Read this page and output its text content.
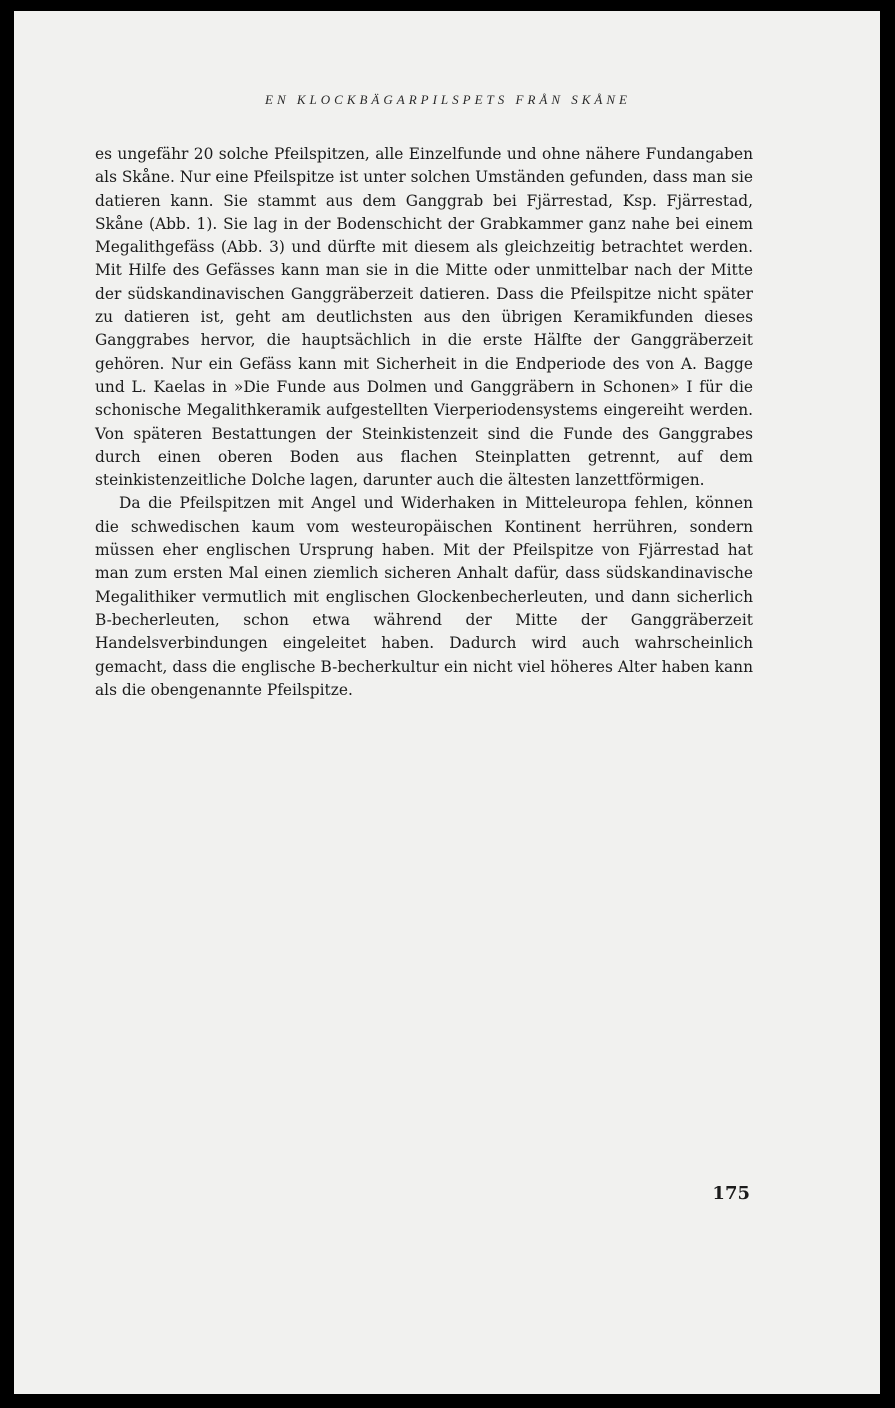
EN KLOCKBÄGARPILSPETS FRÅN SKÅNE

es ungefähr 20 solche Pfeilspitzen, alle Einzelfunde und ohne nähere Fundangaben als Skåne. Nur eine Pfeilspitze ist unter solchen Umständen gefunden, dass man sie datieren kann. Sie stammt aus dem Ganggrab bei Fjärrestad, Ksp. Fjärrestad, Skåne (Abb. 1). Sie lag in der Bodenschicht der Grabkammer ganz nahe bei einem Megalithgefäss (Abb. 3) und dürfte mit diesem als gleichzeitig betrachtet werden. Mit Hilfe des Gefässes kann man sie in die Mitte oder unmittelbar nach der Mitte der südskandinavischen Ganggräberzeit datieren. Dass die Pfeilspitze nicht später zu datieren ist, geht am deutlichsten aus den übrigen Keramikfunden dieses Ganggrabes hervor, die hauptsächlich in die erste Hälfte der Ganggräberzeit gehören. Nur ein Gefäss kann mit Sicherheit in die Endperiode des von A. Bagge und L. Kaelas in »Die Funde aus Dolmen und Ganggräbern in Schonen» I für die schonische Megalithkeramik aufgestellten Vierperiodensystems eingereiht werden. Von späteren Bestattungen der Steinkistenzeit sind die Funde des Ganggrabes durch einen oberen Boden aus flachen Steinplatten getrennt, auf dem steinkistenzeitliche Dolche lagen, darunter auch die ältesten lanzettförmigen.

Da die Pfeilspitzen mit Angel und Widerhaken in Mitteleuropa fehlen, können die schwedischen kaum vom westeuropäischen Kontinent herrühren, sondern müssen eher englischen Ursprung haben. Mit der Pfeilspitze von Fjärrestad hat man zum ersten Mal einen ziemlich sicheren Anhalt dafür, dass südskandinavische Megalithiker vermutlich mit englischen Glockenbecherleuten, und dann sicherlich B-becherleuten, schon etwa während der Mitte der Ganggräberzeit Handelsverbindungen eingeleitet haben. Dadurch wird auch wahrscheinlich gemacht, dass die englische B-becherkultur ein nicht viel höheres Alter haben kann als die obengenannte Pfeilspitze.

175
